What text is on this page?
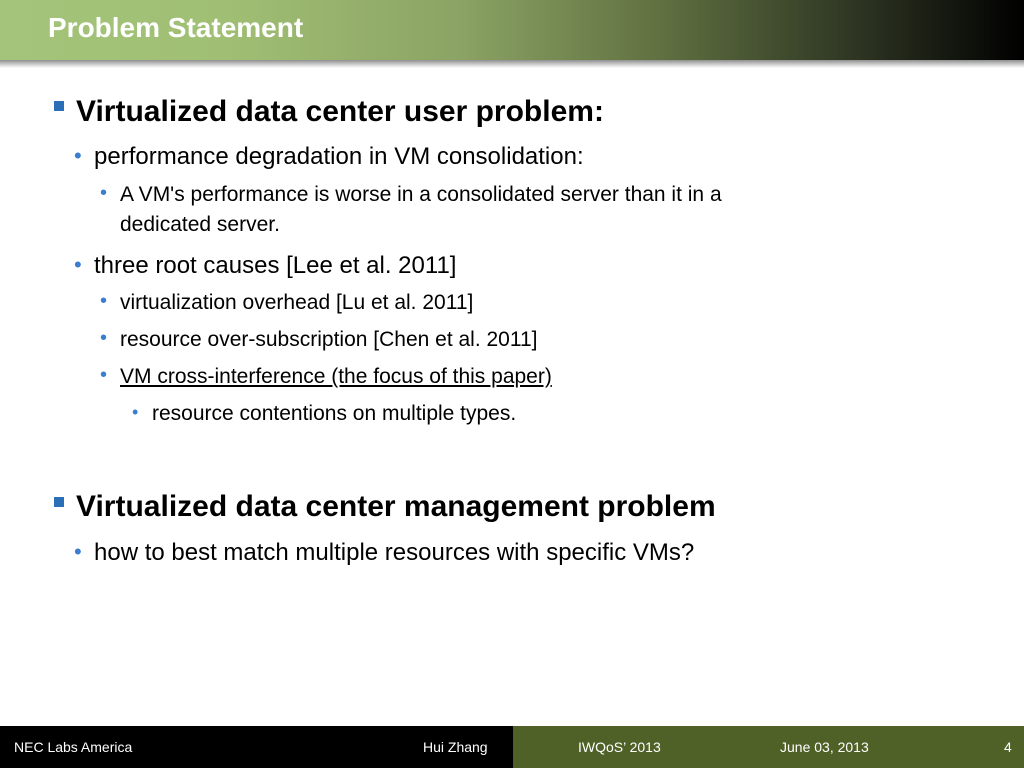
Problem Statement
Virtualized data center user problem:
• performance degradation in VM consolidation:
• A VM's performance is worse in a consolidated server than it in a
dedicated server.
• three root causes [Lee et al. 2011]
• virtualization overhead [Lu et al. 2011]
• resource over-subscription [Chen et al. 2011]
• VM cross-interference (the focus of this paper)
• resource contentions on multiple types.
Virtualized data center management problem
• how to best match multiple resources with specific VMs?
NEC Labs America	Hui Zhang	IWQoS’ 2013	June 03, 2013	4
